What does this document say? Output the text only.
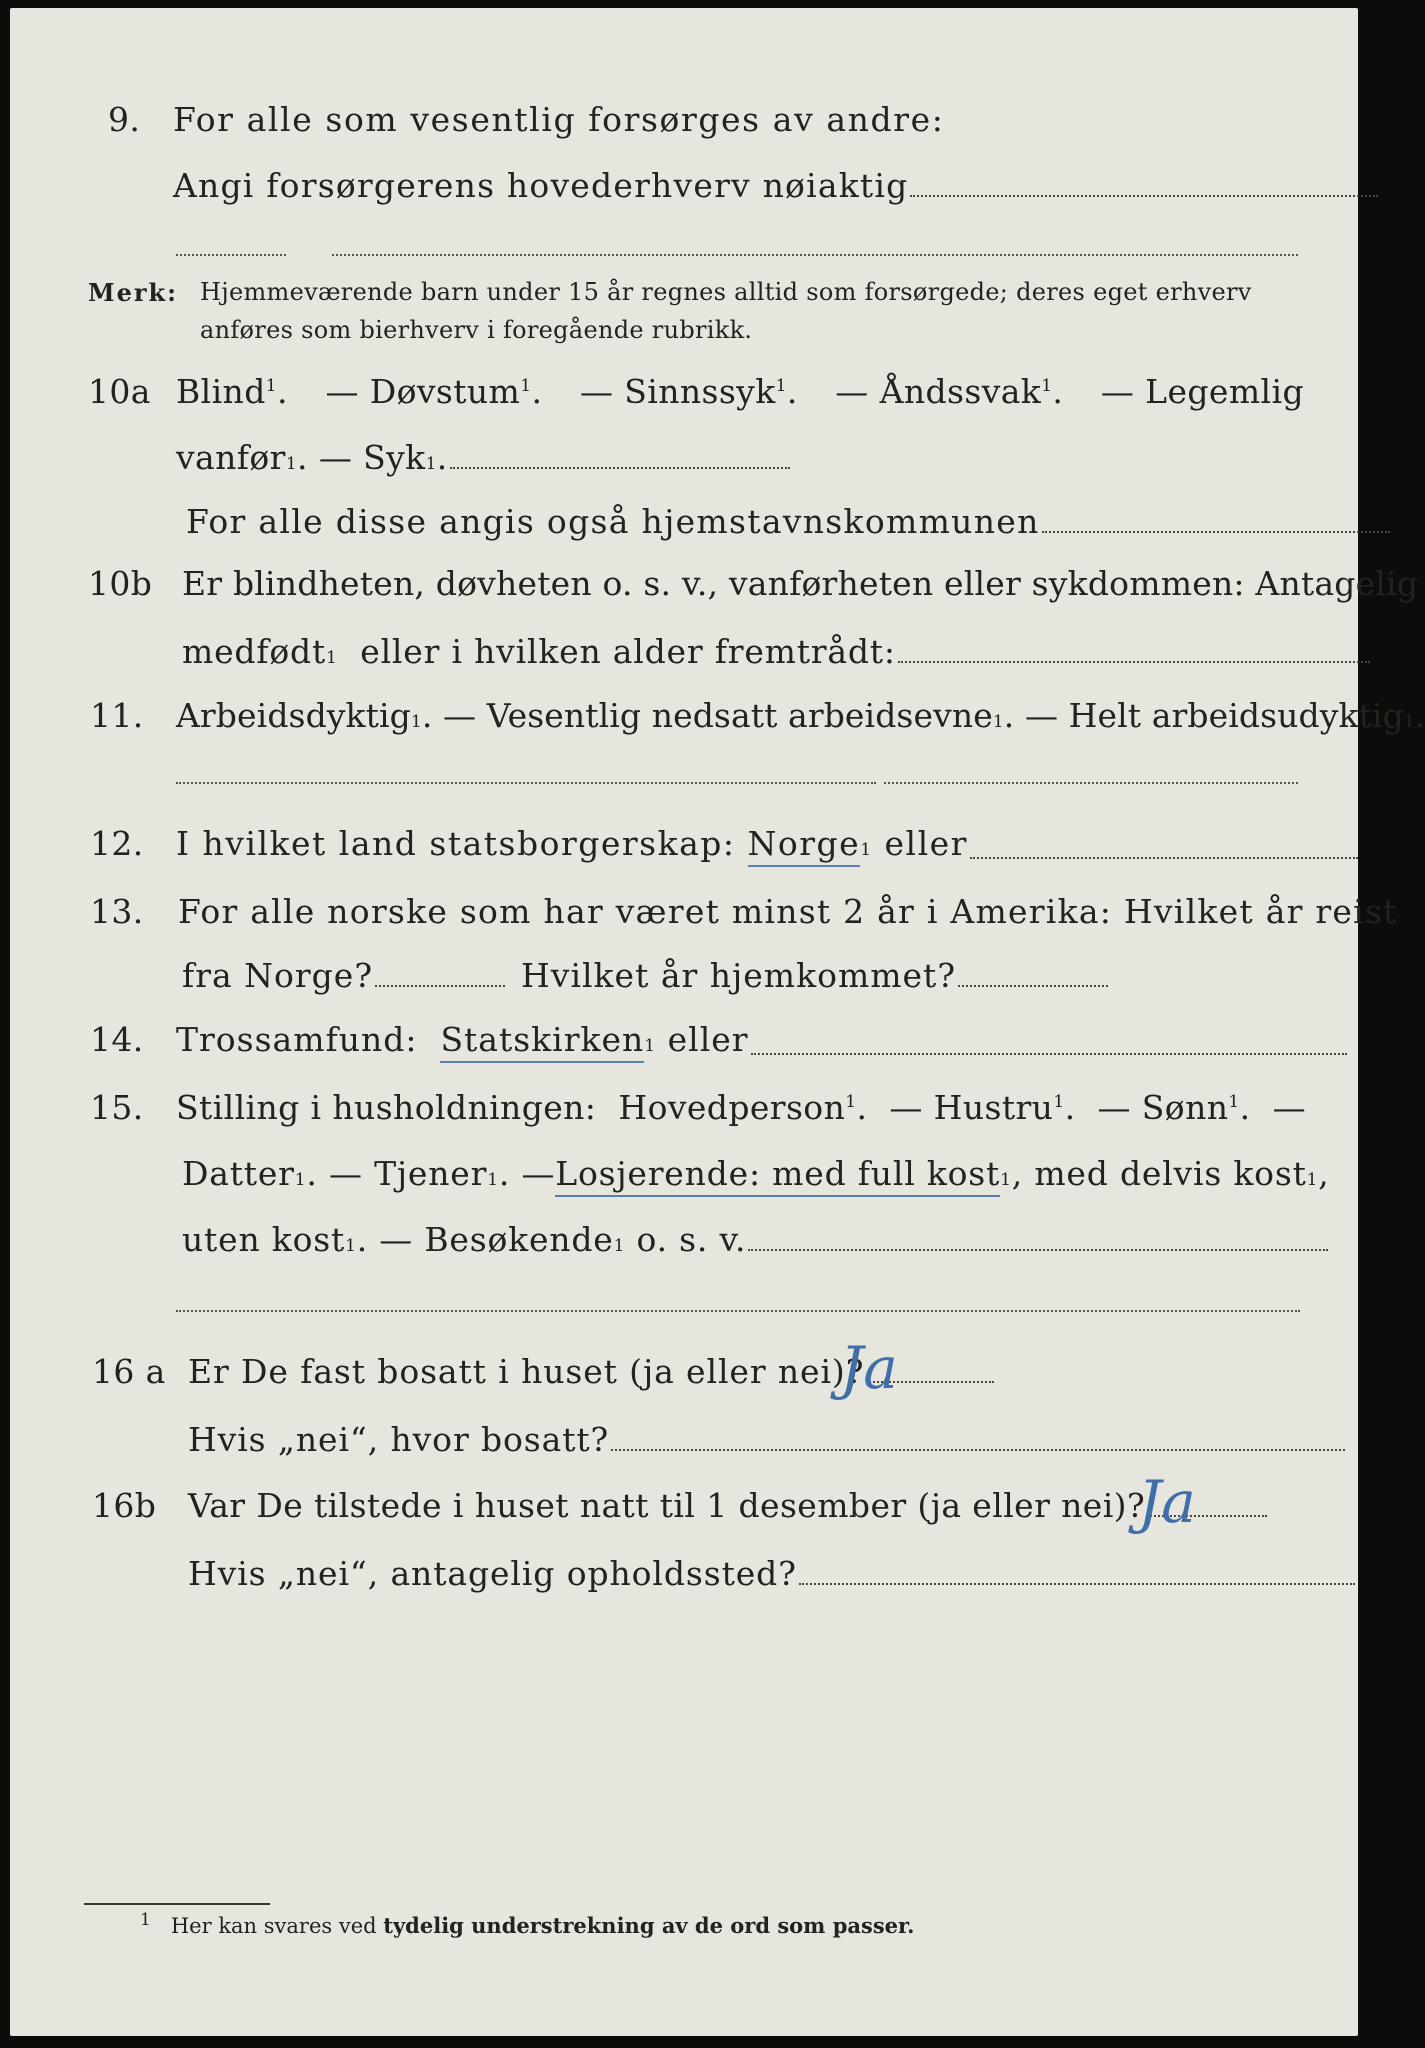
9. For alle som vesentlig forsørges av andre:
Angi forsørgerens hovederhverv nøiaktig
Merk: Hjemmeværende barn under 15 år regnes alltid som forsørgede; deres eget erhverv
anføres som bierhverv i foregående rubrikk.
10a Blind$^1$. — Døvstum$^1$. — Sinnssyk$^1$. — Åndssvak$^1$. — Legemlig
vanfør 1 . — Syk 1 .
For alle disse angis også hjemstavnskommunen
10b Er blindheten, døvheten o. s. v., vanførheten eller sykdommen: Antagelig
medfødt 1
eller i hvilken alder fremtrådt:
11. Arbeidsdyktig 1 . — Vesentlig nedsatt arbeidsevne 1 . — Helt arbeidsudyktig 1 .
12. I hvilket land statsborgerskap:
Norge 1
eller
13.	For alle norske som har været minst 2 år i Amerika: Hvilket år reist
fra Norge?	Hvilket år hjemkommet?
14. Trossamfund:
Statskirken 1
eller
15. Stilling i husholdningen: Hovedperson$^1$. — Hustru$^1$. — Sønn$^1$. —
Datter 1 . — Tjener 1 . — Losjerende: med full kost 1 , med delvis kost 1 ,
uten kost 1 . — Besøkende 1
o. s. v.
16 a Er De fast bosatt i huset (ja eller nei)?
Ja
Hvis „nei“, hvor bosatt?
16b Var De tilstede i huset natt til 1 desember (ja eller nei)?
Ja
Hvis „nei“, antagelig opholdssted?
$^1$ Her kan svares ved tydelig understrekning av de ord som passer.
